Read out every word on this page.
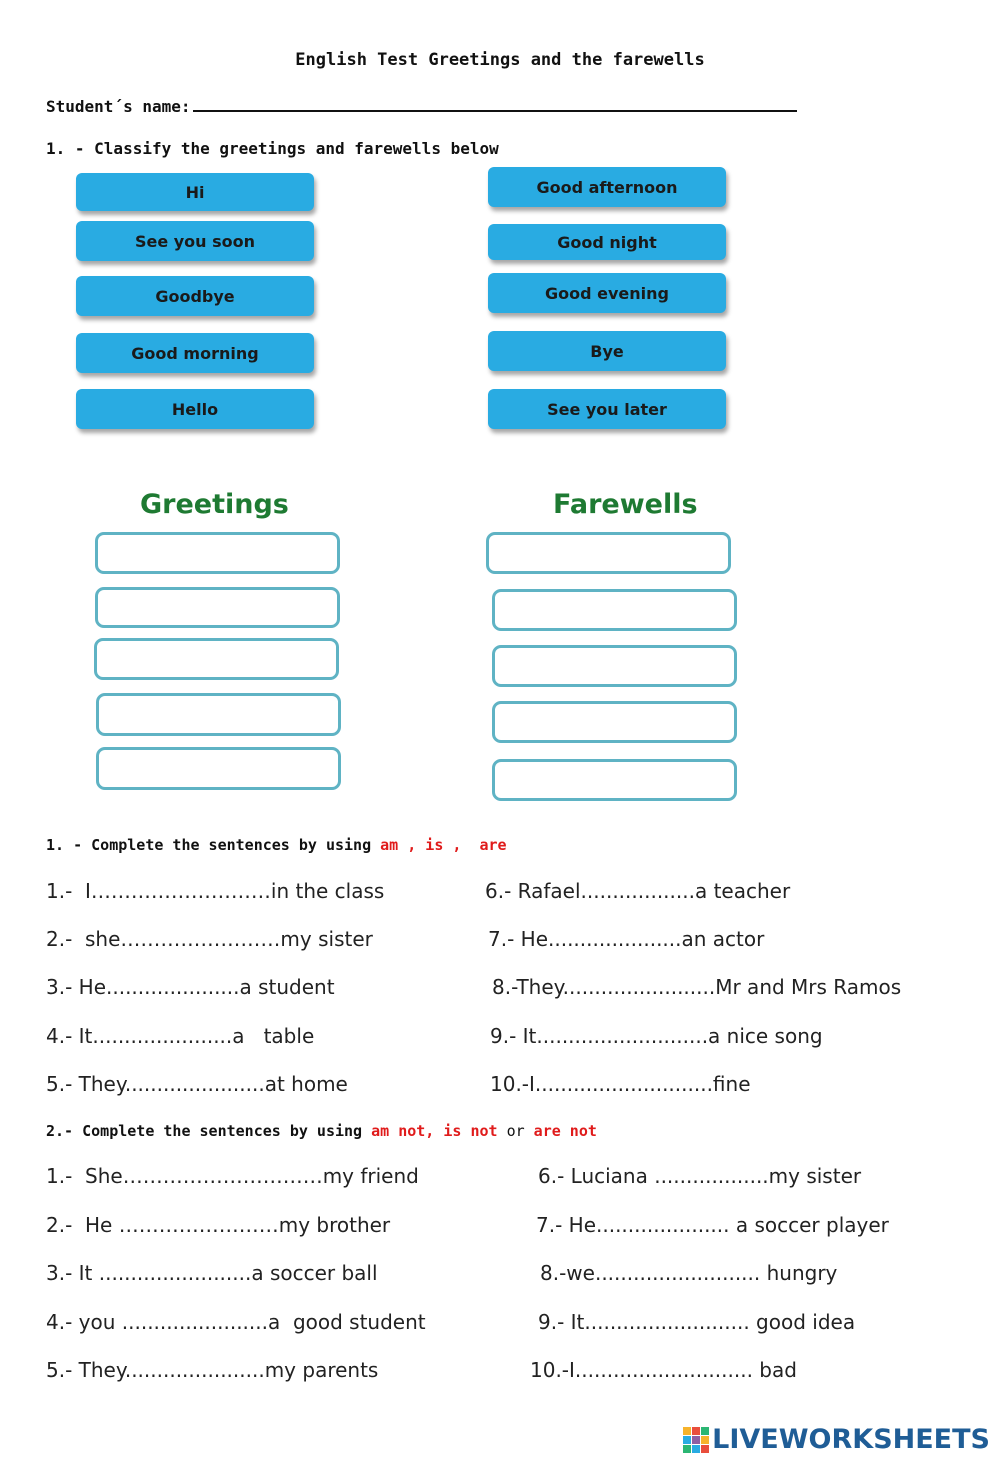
English Test Greetings and the farewells
Student´s name:
1. - Classify the greetings and farewells below
Hi
See you soon
Goodbye
Good morning
Hello
Good afternoon
Good night
Good evening
Bye
See you later
Greetings	Farewells
1. - Complete the sentences by using am , is ,  are
1.-  I………………………in the class
2.-  she……………………my sister
3.- He.....................a student
4.- It......................a   table
5.- They......................at home
6.- Rafael..................a teacher
7.- He.....................an actor
8.-They........................Mr and Mrs Ramos
9.- It...........................a nice song
10.-I............................fine
2.- Complete the sentences by using am not, is not or are not
1.-  She…………………………my friend
2.-  He ……………………my brother
3.- It ........................a soccer ball
4.- you .......................a  good student
5.- They......................my parents
6.- Luciana ..................my sister
7.- He..................... a soccer player
8.-we.......................... hungry
9.- It.......................... good idea
10.-I............................ bad
LIVEWORKSHEETS
